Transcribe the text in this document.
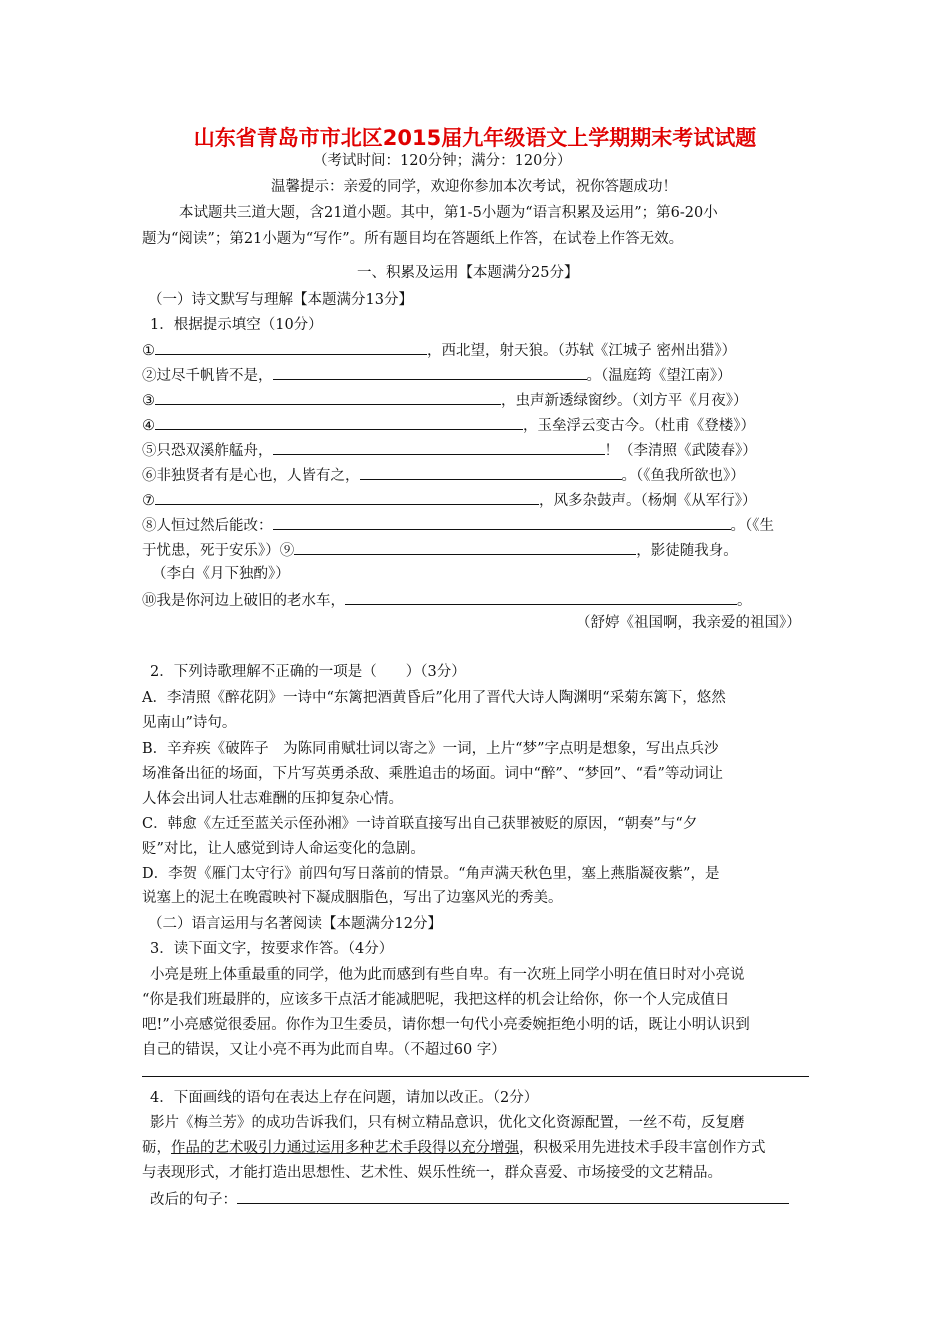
山东省青岛市市北区2015届九年级语文上学期期末考试试题
（考试时间：120分钟；满分：120分）
温馨提示：亲爱的同学，欢迎你参加本次考试，祝你答题成功！
本试题共三道大题，含21道小题。其中，第1-5小题为“语言积累及运用”；第6-20小
题为“阅读”；第21小题为“写作”。所有题目均在答题纸上作答，在试卷上作答无效。
一、积累及运用【本题满分25分】
（一）诗文默写与理解【本题满分13分】
1．根据提示填空（10分）
①	，西北望，射天狼。（苏轼《江城子 密州出猎》）
②过尽千帆皆不是，	。（温庭筠《望江南》）
③	，虫声新透绿窗纱。（刘方平《月夜》）
④	，玉垒浮云变古今。（杜甫《登楼》）
⑤只恐双溪舴艋舟，	！（李清照《武陵春》）
⑥非独贤者有是心也，人皆有之，	。（《鱼我所欲也》）
⑦	，风多杂鼓声。（杨炯《从军行》）
⑧人恒过然后能改：	。（《生
于忧患，死于安乐》）⑨	，影徒随我身。
（李白《月下独酌》）
⑩我是你河边上破旧的老水车，	。
（舒婷《祖国啊，我亲爱的祖国》）
2．下列诗歌理解不正确的一项是（　　）（3分）
A．李清照《醉花阴》一诗中“东篱把酒黄昏后”化用了晋代大诗人陶渊明“采菊东篱下，悠然
见南山”诗句。
B．辛弃疾《破阵子　为陈同甫赋壮词以寄之》一词，上片“梦”字点明是想象，写出点兵沙
场准备出征的场面，下片写英勇杀敌、乘胜追击的场面。词中“醉”、“梦回”、“看”等动词让
人体会出词人壮志难酬的压抑复杂心情。
C．韩愈《左迁至蓝关示侄孙湘》一诗首联直接写出自己获罪被贬的原因，“朝奏”与“夕
贬”对比，让人感觉到诗人命运变化的急剧。
D．李贺《雁门太守行》前四句写日落前的情景。“角声满天秋色里，塞上燕脂凝夜紫”，是
说塞上的泥土在晚霞映衬下凝成胭脂色，写出了边塞风光的秀美。
（二）语言运用与名著阅读【本题满分12分】
3．读下面文字，按要求作答。（4分）
小亮是班上体重最重的同学，他为此而感到有些自卑。有一次班上同学小明在值日时对小亮说
“你是我们班最胖的，应该多干点活才能减肥呢，我把这样的机会让给你，你一个人完成值日
吧!”小亮感觉很委屈。你作为卫生委员，请你想一句代小亮委婉拒绝小明的话，既让小明认识到
自己的错误，又让小亮不再为此而自卑。（不超过60 字）
4．下面画线的语句在表达上存在问题，请加以改正。（2分）
影片《梅兰芳》的成功告诉我们，只有树立精品意识，优化文化资源配置，一丝不苟，反复磨
砺，作品的艺术吸引力通过运用多种艺术手段得以充分增强，积极采用先进技术手段丰富创作方式
与表现形式，才能打造出思想性、艺术性、娱乐性统一，群众喜爱、市场接受的文艺精品。
改后的句子：
